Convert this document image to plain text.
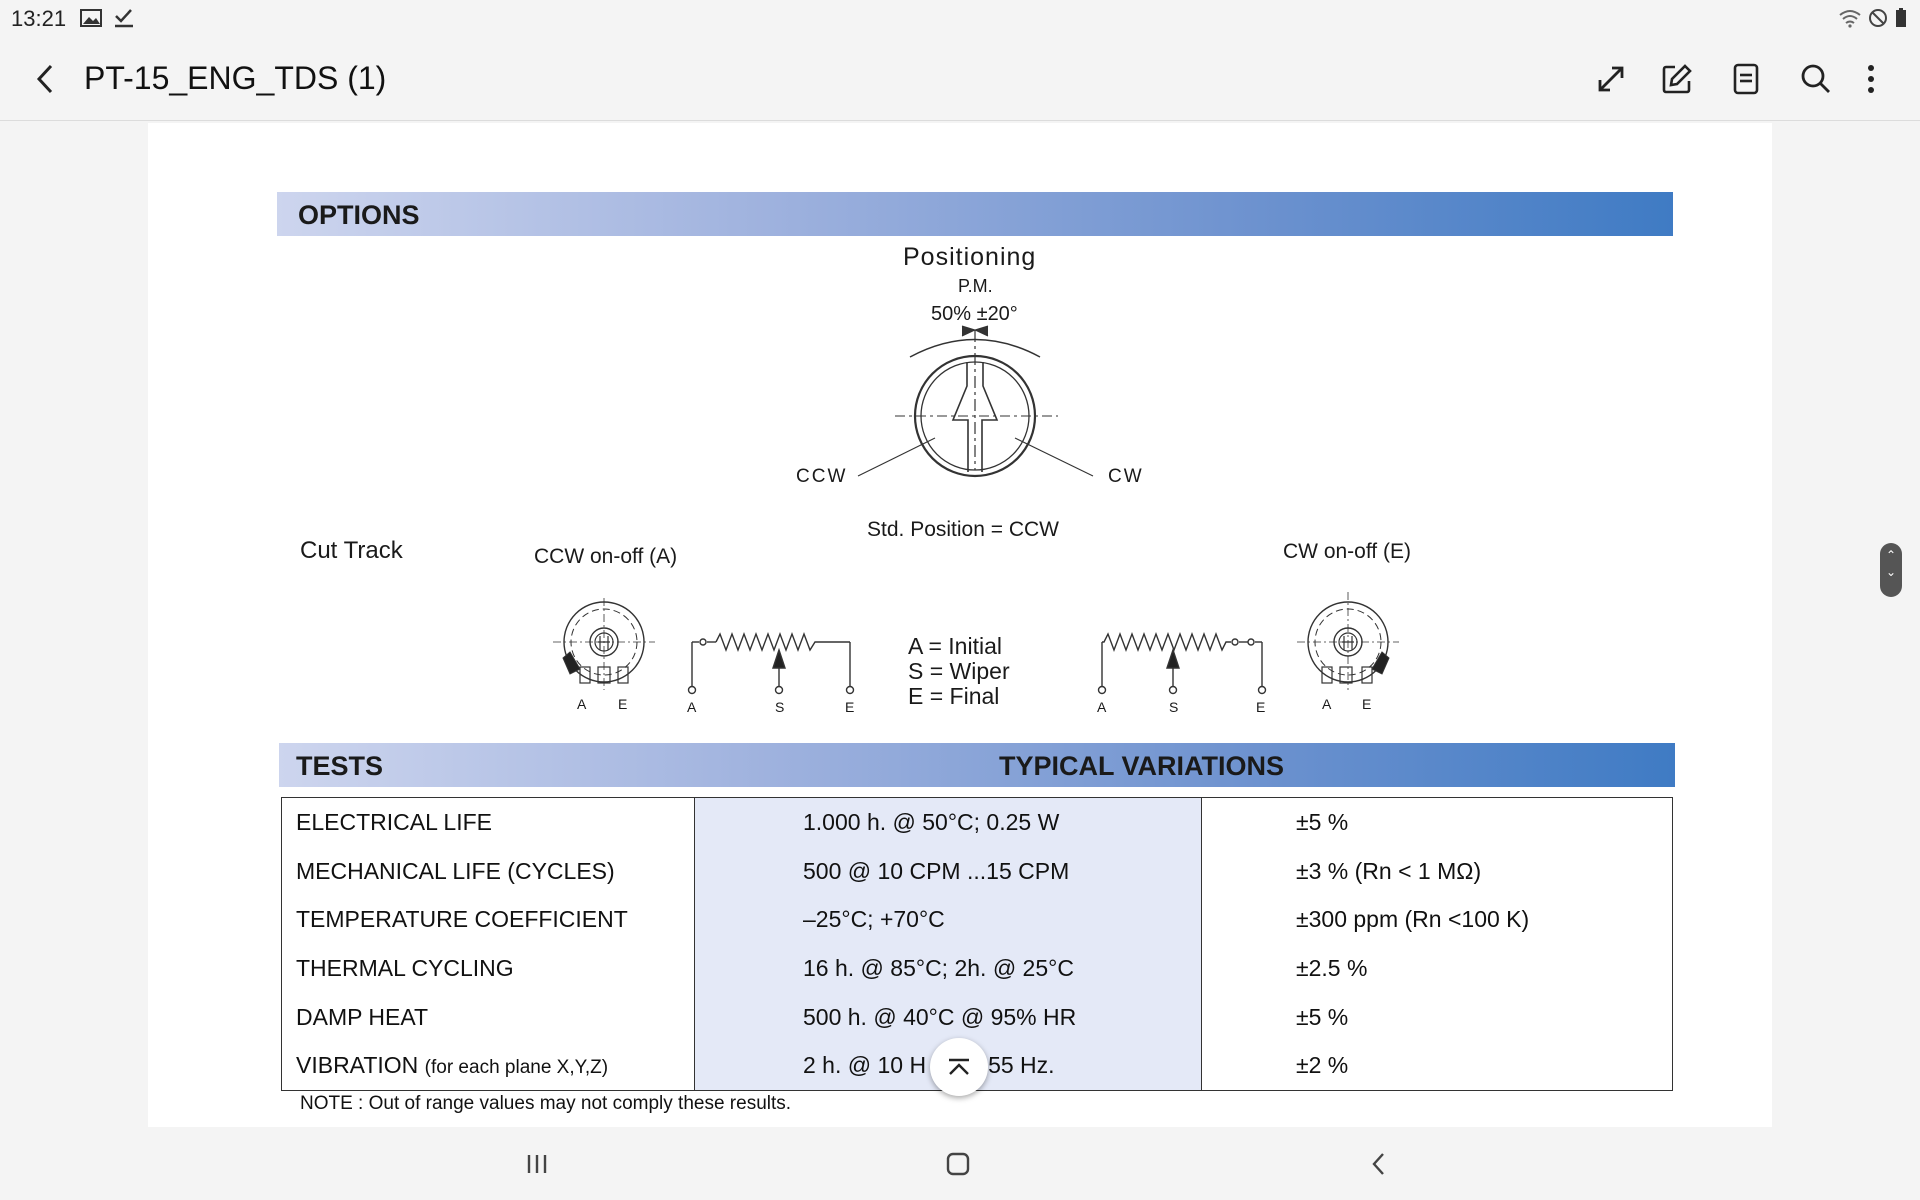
13:21
PT-15_ENG_TDS (1)
OPTIONS
Positioning
P.M.
50% ±20°
CCW	CW
Std. Position = CCW
Cut Track	CCW on-off (A)	CW on-off (E)
A E	A	S	E	A	S	E	A E
A = Initial
S = Wiper
E = Final
TESTS	TYPICAL VARIATIONS
ELECTRICAL LIFE	1.000 h. @ 50°C; 0.25 W	±5 %
MECHANICAL LIFE (CYCLES)	500 @ 10 CPM ...15 CPM	±3 % (Rn < 1 MΩ)
TEMPERATURE COEFFICIENT	–25°C; +70°C	±300 ppm (Rn <100 K)
THERMAL CYCLING	16 h. @ 85°C; 2h. @ 25°C	±2.5 %
DAMP HEAT	500 h. @ 40°C @ 95% HR	±5 %
VIBRATION (for each plane X,Y,Z)	2 h. @ 10 H 55 Hz.	±2 %
NOTE : Out of range values may not comply these results.
⌃
⌄
